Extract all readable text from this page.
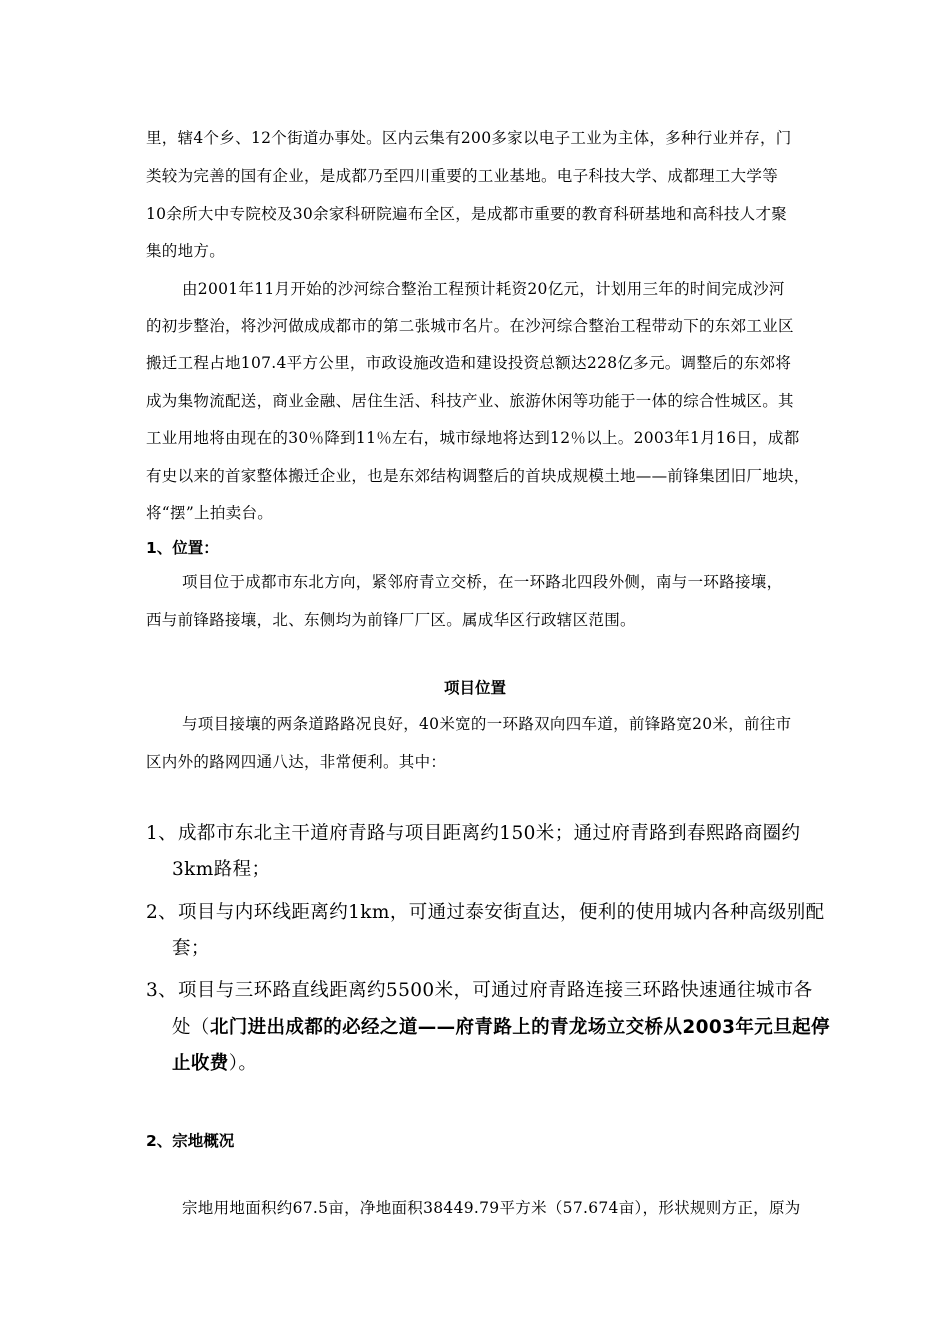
里，辖4个乡、12个街道办事处。区内云集有200多家以电子工业为主体，多种行业并存，门
类较为完善的国有企业，是成都乃至四川重要的工业基地。电子科技大学、成都理工大学等
10余所大中专院校及30余家科研院遍布全区，是成都市重要的教育科研基地和高科技人才聚
集的地方。
由2001年11月开始的沙河综合整治工程预计耗资20亿元，计划用三年的时间完成沙河
的初步整治，将沙河做成成都市的第二张城市名片。在沙河综合整治工程带动下的东郊工业区
搬迁工程占地107.4平方公里，市政设施改造和建设投资总额达228亿多元。调整后的东郊将
成为集物流配送，商业金融、居住生活、科技产业、旅游休闲等功能于一体的综合性城区。其
工业用地将由现在的30％降到11％左右，城市绿地将达到12％以上。2003年1月16日，成都
有史以来的首家整体搬迁企业，也是东郊结构调整后的首块成规模土地——前锋集团旧厂地块，
将“摆”上拍卖台。
1、位置：
项目位于成都市东北方向，紧邻府青立交桥，在一环路北四段外侧，南与一环路接壤，
西与前锋路接壤，北、东侧均为前锋厂厂区。属成华区行政辖区范围。
项目位置
与项目接壤的两条道路路况良好，40米宽的一环路双向四车道，前锋路宽20米，前往市
区内外的路网四通八达，非常便利。其中：
1、 成都市东北主干道府青路与项目距离约150米；通过府青路到春熙路商圈约
3km路程；
2、 项目与内环线距离约1km，可通过泰安街直达，便利的使用城内各种高级别配
套；
3、 项目与三环路直线距离约5500米，可通过府青路连接三环路快速通往城市各
处（北门进出成都的必经之道——府青路上的青龙场立交桥从2003年元旦起停
止收费）。
2、宗地概况
宗地用地面积约67.5亩，净地面积38449.79平方米（57.674亩），形状规则方正，原为
